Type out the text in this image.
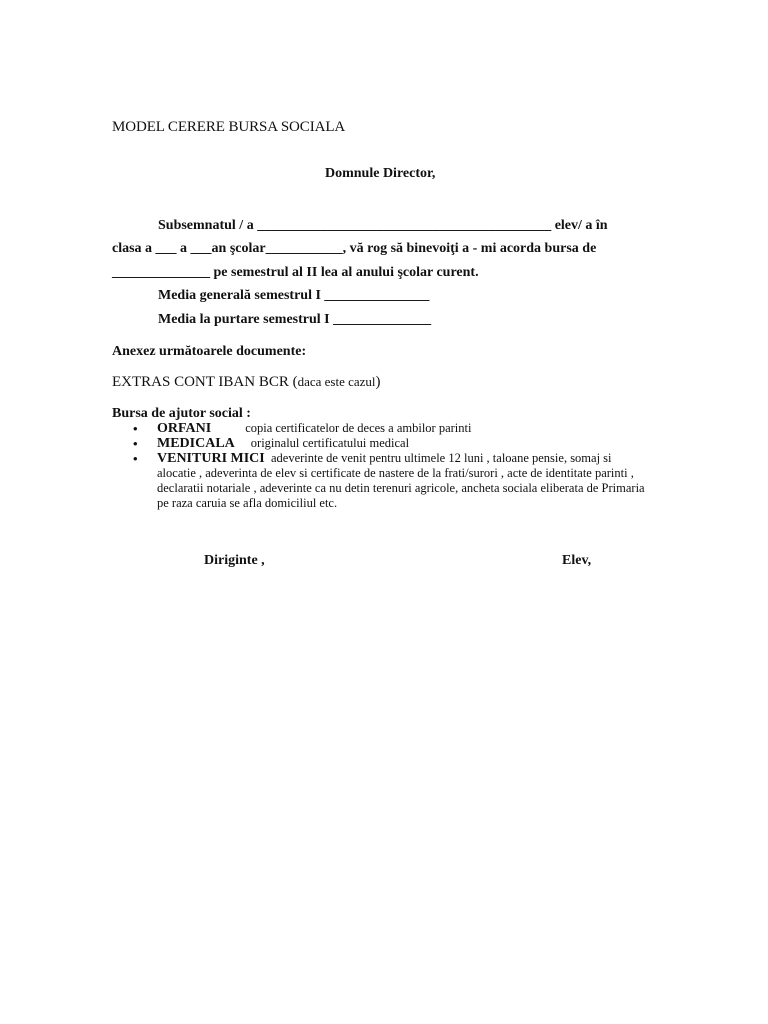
MODEL CERERE BURSA SOCIALA
Domnule Director,
Subsemnatul / a __________________________________________ elev/ a în
clasa a ___ a ___an şcolar___________, vă rog să binevoiţi a - mi acorda bursa de
______________ pe semestrul al II lea al anului şcolar curent.
Media generală semestrul I _______________
Media la purtare semestrul I ______________
Anexez următoarele documente:
EXTRAS CONT IBAN BCR (daca este cazul)
Bursa de ajutor social :
• ORFANI	copia certificatelor de deces a ambilor parinti
• MEDICALA originalul certificatului medical
• VENITURI MICI adeverinte de venit pentru ultimele 12 luni , taloane pensie, somaj si alocatie , adeverinta de elev si certificate de nastere de la frati/surori , acte de identitate parinti , declaratii notariale , adeverinte ca nu detin terenuri agricole, ancheta sociala eliberata de Primaria pe raza caruia se afla domiciliul etc.
Diriginte ,	Elev,
